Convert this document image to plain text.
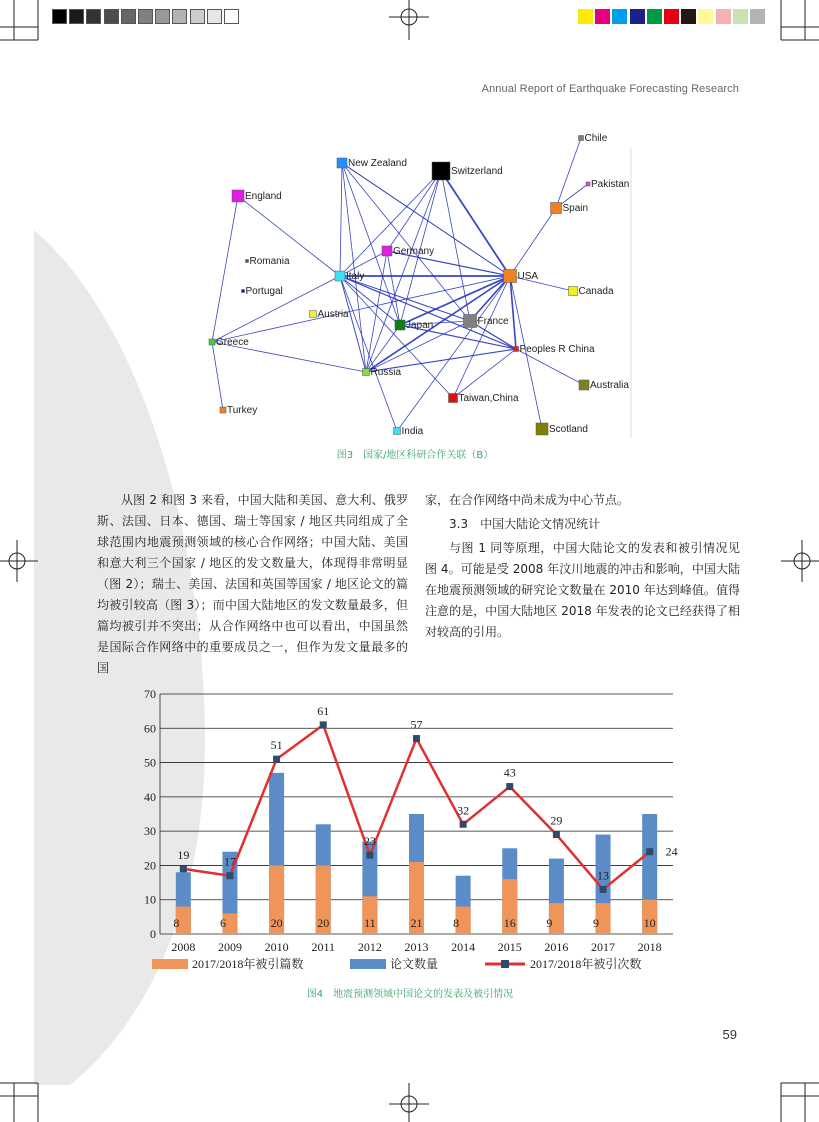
Annual Report of Earthquake Forecasting Research
Chile
Pakistan
New Zealand
Switzerland
England
Spain
Germany
Romania
Italy	USA
Portugal	Canada
Austria
Japan	France
Greece
Peoples R China
Russia
Australia
Turkey
Taiwan,China
Scotland
India
图3　国家/地区科研合作关联（B）

从图 2 和图 3 来看，中国大陆和美国、意大利、俄罗斯、法国、日本、德国、瑞士等国家 / 地区共同组成了全球范围内地震预测领域的核心合作网络；中国大陆、美国和意大利三个国家 / 地区的发文数量大，体现得非常明显（图 2）；瑞士、美国、法国和英国等国家 / 地区论文的篇均被引较高（图 3）；而中国大陆地区的发文数量最多，但篇均被引并不突出；从合作网络中也可以看出，中国虽然是国际合作网络中的重要成员之一，但作为发文量最多的国

家，在合作网络中尚未成为中心节点。

3.3　中国大陆论文情况统计

与图 1 同等原理，中国大陆论文的发表和被引情况见图 4。可能是受 2008 年汶川地震的冲击和影响，中国大陆在地震预测领域的研究论文数量在 2010 年达到峰值。值得注意的是，中国大陆地区 2018 年发表的论文已经获得了相对较高的引用。

0
10
20
30
40
50
60
70
8	6	20	20	11	21	8	16	9	9	10
19	17
51
61
23
57
32
43
29
13
24
2008 2009 2010 2011 2012 2013 2014 2015 2016 2017 2018
2017/2018年被引篇数	论文数量	2017/2018年被引次数
图4　地震预测领域中国论文的发表及被引情况
59
